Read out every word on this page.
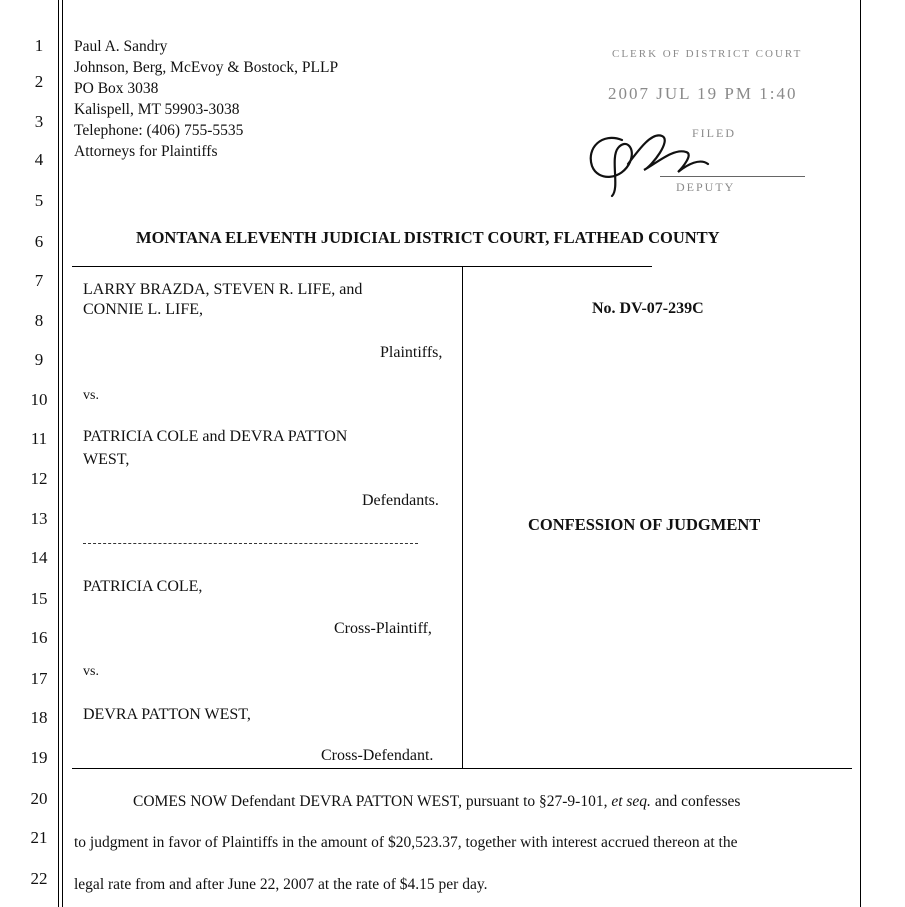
1
2
3
4
5
6
7
8
9
10
11
12
13
14
15
16
17
18
19
20
21
22
Paul A. Sandry
Johnson, Berg, McEvoy & Bostock, PLLP
PO Box 3038
Kalispell, MT 59903-3038
Telephone: (406) 755-5535
Attorneys for Plaintiffs
CLERK OF DISTRICT COURT
2007 JUL 19 PM 1:40
FILED
DEPUTY
MONTANA ELEVENTH JUDICIAL DISTRICT COURT, FLATHEAD COUNTY
LARRY BRAZDA, STEVEN R. LIFE, and
CONNIE L. LIFE,
Plaintiffs,
vs.
PATRICIA COLE and DEVRA PATTON
WEST,
Defendants.
PATRICIA COLE,
Cross-Plaintiff,
vs.
DEVRA PATTON WEST,
Cross-Defendant.
No. DV-07-239C
CONFESSION OF JUDGMENT
COMES NOW Defendant DEVRA PATTON WEST, pursuant to §27-9-101, et seq. and confesses
to judgment in favor of Plaintiffs in the amount of $20,523.37, together with interest accrued thereon at the
legal rate from and after June 22, 2007 at the rate of $4.15 per day.
